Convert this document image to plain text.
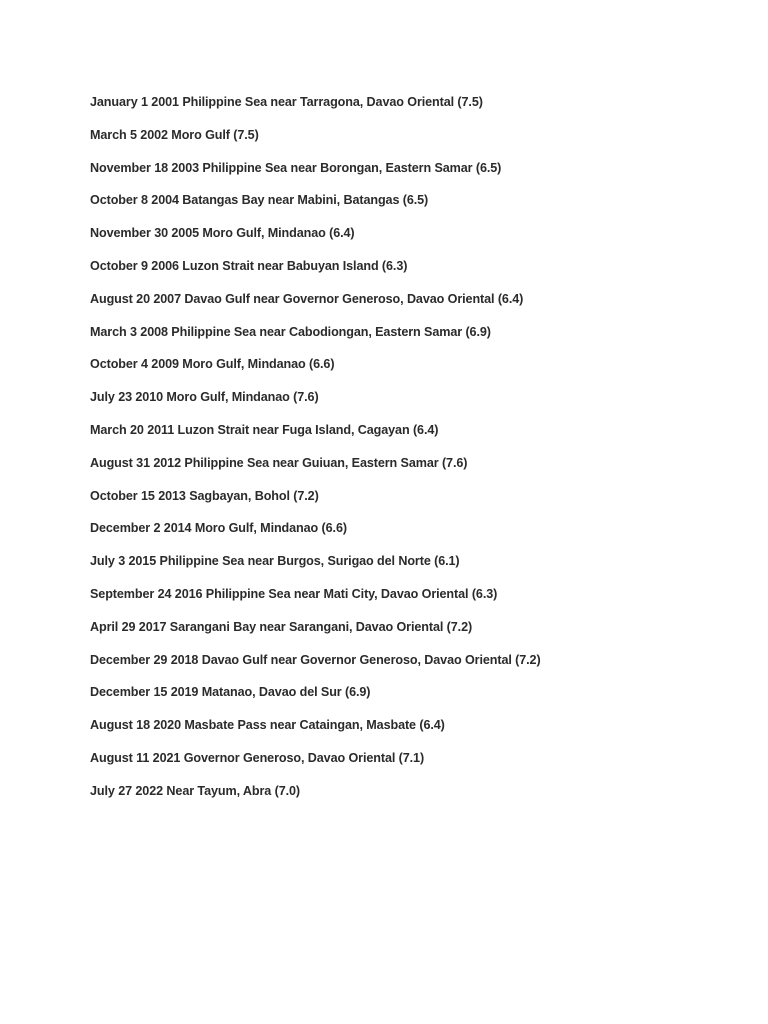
January 1 2001 Philippine Sea near Tarragona, Davao Oriental (7.5)
March 5 2002 Moro Gulf (7.5)
November 18 2003 Philippine Sea near Borongan, Eastern Samar (6.5)
October 8 2004 Batangas Bay near Mabini, Batangas (6.5)
November 30 2005 Moro Gulf, Mindanao (6.4)
October 9 2006 Luzon Strait near Babuyan Island (6.3)
August 20 2007 Davao Gulf near Governor Generoso, Davao Oriental (6.4)
March 3 2008 Philippine Sea near Cabodiongan, Eastern Samar (6.9)
October 4 2009 Moro Gulf, Mindanao (6.6)
July 23 2010 Moro Gulf, Mindanao (7.6)
March 20 2011 Luzon Strait near Fuga Island, Cagayan (6.4)
August 31 2012 Philippine Sea near Guiuan, Eastern Samar (7.6)
October 15 2013 Sagbayan, Bohol (7.2)
December 2 2014 Moro Gulf, Mindanao (6.6)
July 3 2015 Philippine Sea near Burgos, Surigao del Norte (6.1)
September 24 2016 Philippine Sea near Mati City, Davao Oriental (6.3)
April 29 2017 Sarangani Bay near Sarangani, Davao Oriental (7.2)
December 29 2018 Davao Gulf near Governor Generoso, Davao Oriental (7.2)
December 15 2019 Matanao, Davao del Sur (6.9)
August 18 2020 Masbate Pass near Cataingan, Masbate (6.4)
August 11 2021 Governor Generoso, Davao Oriental (7.1)
July 27 2022 Near Tayum, Abra (7.0)
